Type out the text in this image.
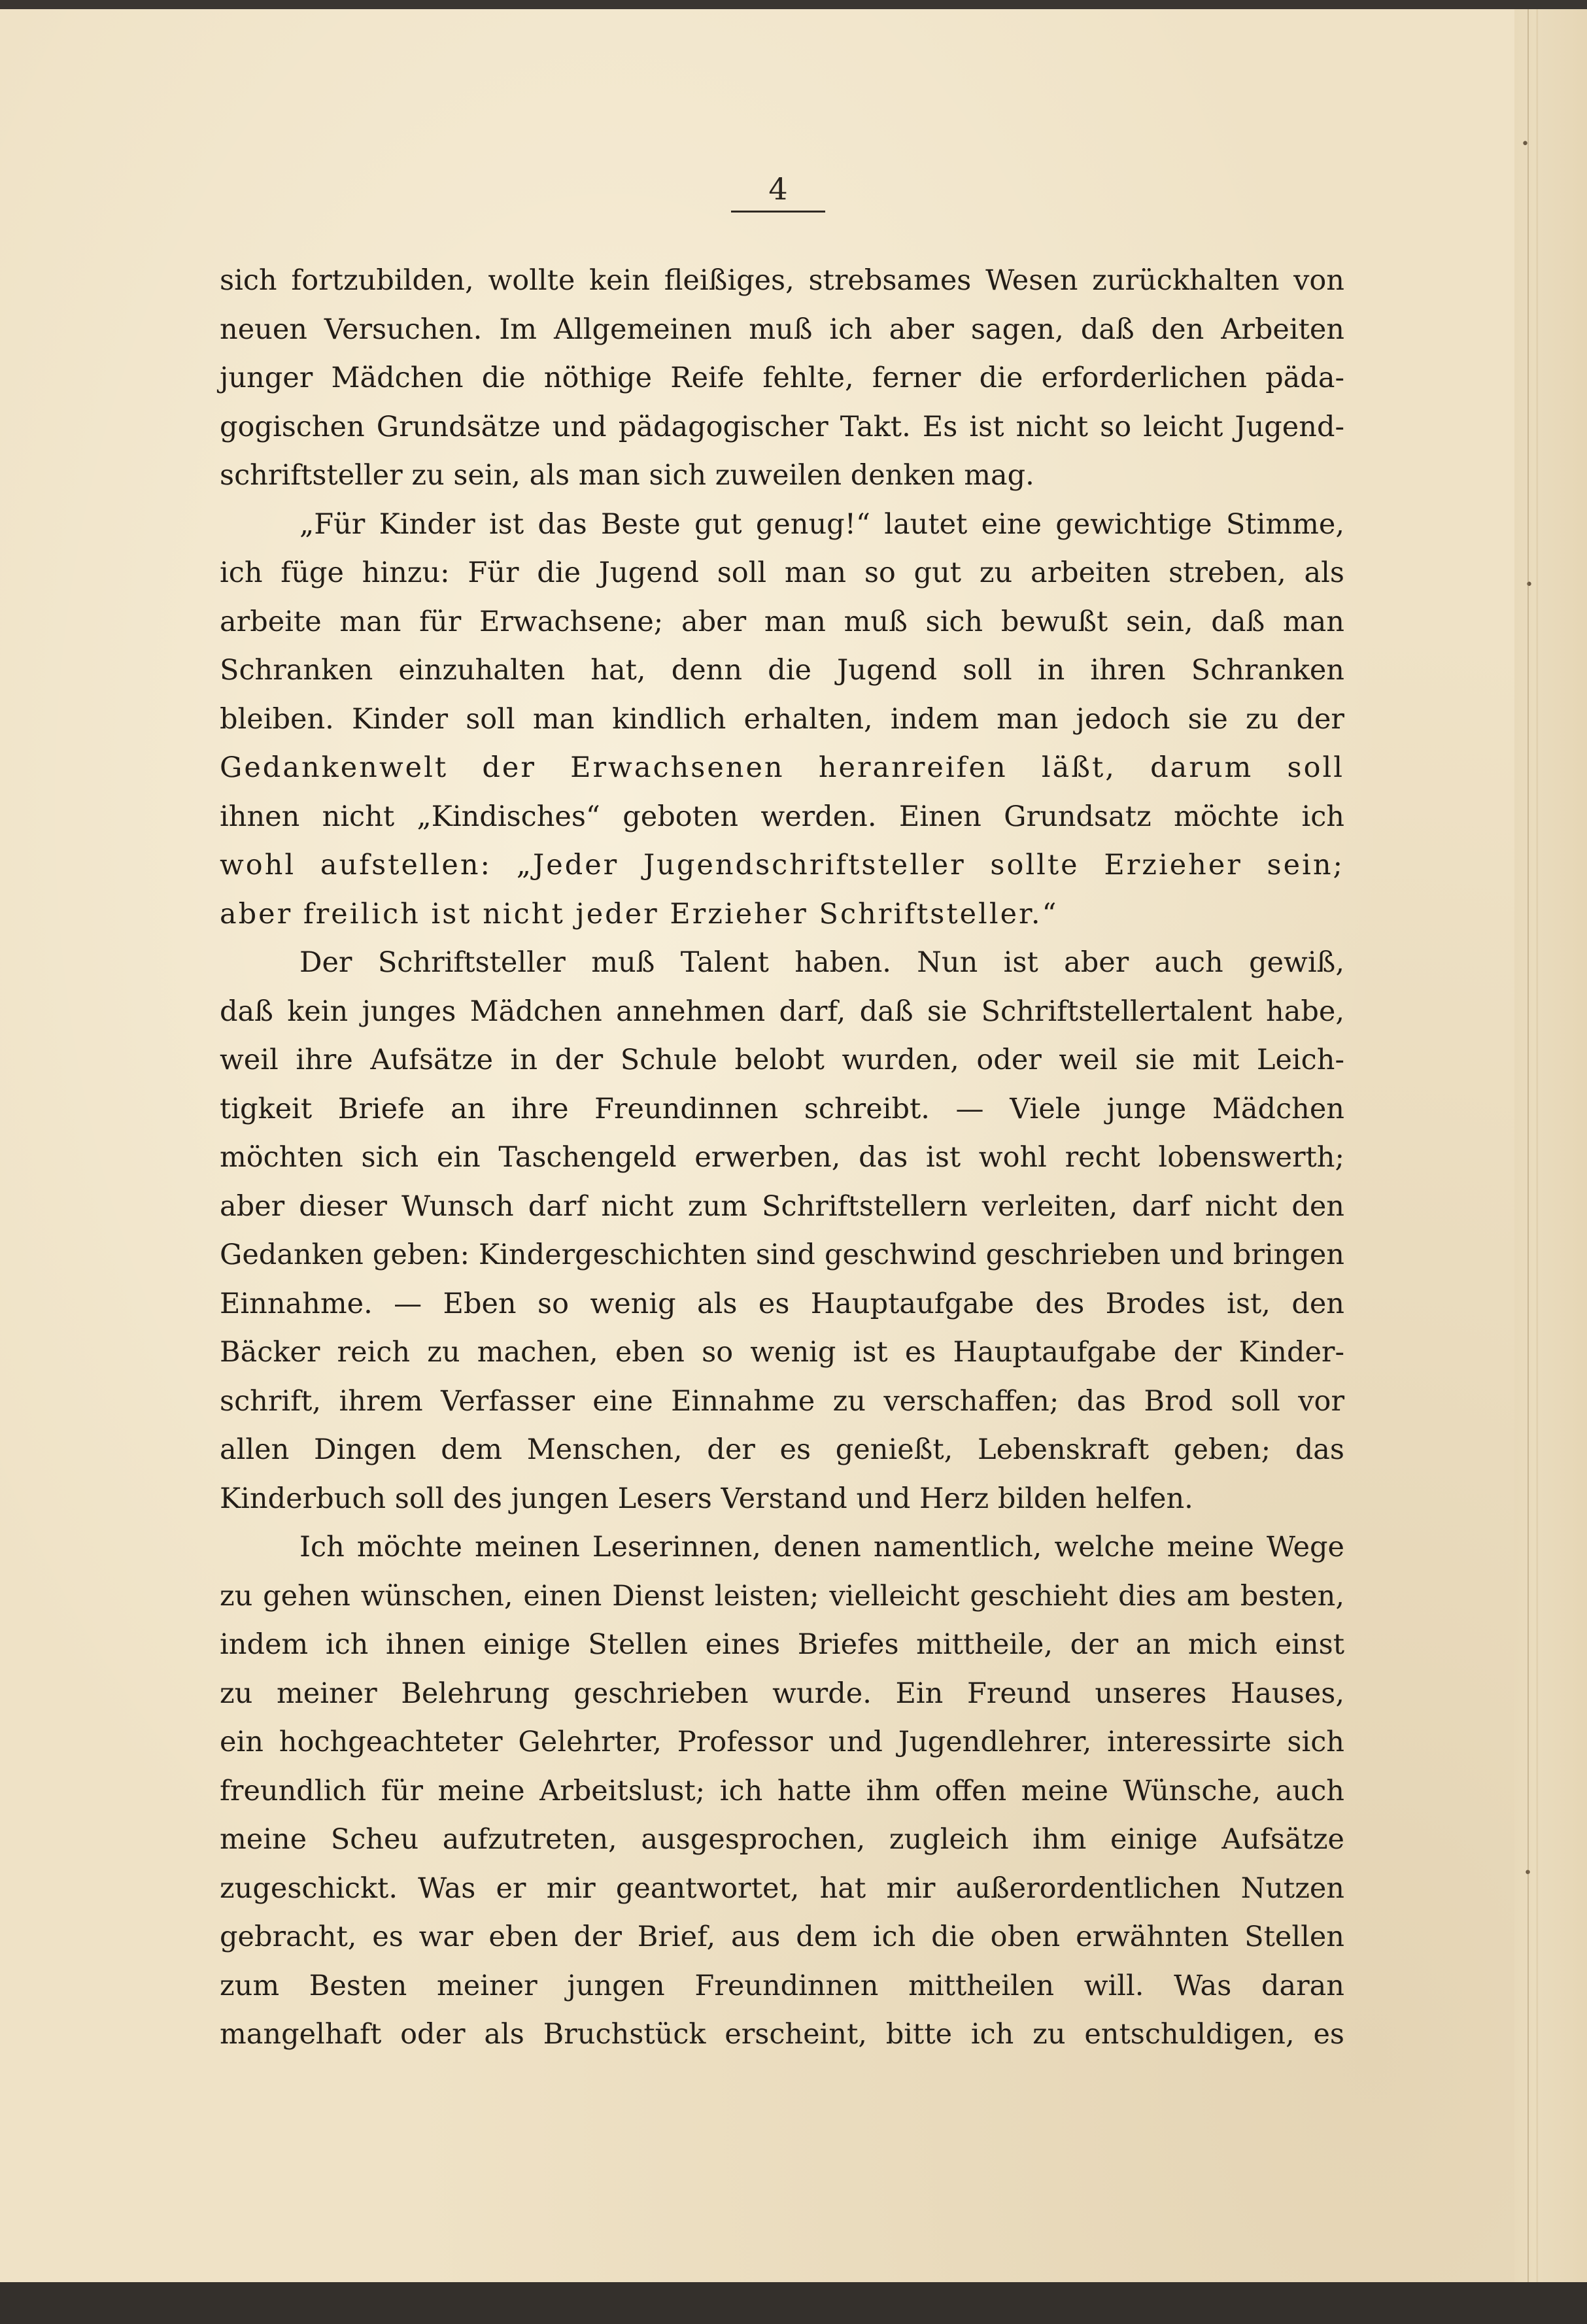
4
sich fortzubilden, wollte kein fleißiges, strebsames Wesen zurückhalten von
neuen Versuchen. Im Allgemeinen muß ich aber sagen, daß den Arbeiten
junger Mädchen die nöthige Reife fehlte, ferner die erforderlichen päda-
gogischen Grundsätze und pädagogischer Takt. Es ist nicht so leicht Jugend-
schriftsteller zu sein, als man sich zuweilen denken mag.
„Für Kinder ist das Beste gut genug!“ lautet eine gewichtige Stimme,
ich füge hinzu: Für die Jugend soll man so gut zu arbeiten streben, als
arbeite man für Erwachsene; aber man muß sich bewußt sein, daß man
Schranken einzuhalten hat, denn die Jugend soll in ihren Schranken
bleiben. Kinder soll man kindlich erhalten, indem man jedoch sie zu der
Gedankenwelt der Erwachsenen heranreifen läßt, darum soll
ihnen nicht „Kindisches“ geboten werden. Einen Grundsatz möchte ich
wohl aufstellen: „Jeder Jugendschriftsteller sollte Erzieher sein;
aber freilich ist nicht jeder Erzieher Schriftsteller.“
Der Schriftsteller muß Talent haben. Nun ist aber auch gewiß,
daß kein junges Mädchen annehmen darf, daß sie Schriftstellertalent habe,
weil ihre Aufsätze in der Schule belobt wurden, oder weil sie mit Leich-
tigkeit Briefe an ihre Freundinnen schreibt. — Viele junge Mädchen
möchten sich ein Taschengeld erwerben, das ist wohl recht lobenswerth;
aber dieser Wunsch darf nicht zum Schriftstellern verleiten, darf nicht den
Gedanken geben: Kindergeschichten sind geschwind geschrieben und bringen
Einnahme. — Eben so wenig als es Hauptaufgabe des Brodes ist, den
Bäcker reich zu machen, eben so wenig ist es Hauptaufgabe der Kinder-
schrift, ihrem Verfasser eine Einnahme zu verschaffen; das Brod soll vor
allen Dingen dem Menschen, der es genießt, Lebenskraft geben; das
Kinderbuch soll des jungen Lesers Verstand und Herz bilden helfen.
Ich möchte meinen Leserinnen, denen namentlich, welche meine Wege
zu gehen wünschen, einen Dienst leisten; vielleicht geschieht dies am besten,
indem ich ihnen einige Stellen eines Briefes mittheile, der an mich einst
zu meiner Belehrung geschrieben wurde. Ein Freund unseres Hauses,
ein hochgeachteter Gelehrter, Professor und Jugendlehrer, interessirte sich
freundlich für meine Arbeitslust; ich hatte ihm offen meine Wünsche, auch
meine Scheu aufzutreten, ausgesprochen, zugleich ihm einige Aufsätze
zugeschickt. Was er mir geantwortet, hat mir außerordentlichen Nutzen
gebracht, es war eben der Brief, aus dem ich die oben erwähnten Stellen
zum Besten meiner jungen Freundinnen mittheilen will. Was daran
mangelhaft oder als Bruchstück erscheint, bitte ich zu entschuldigen, es
•
•
•
